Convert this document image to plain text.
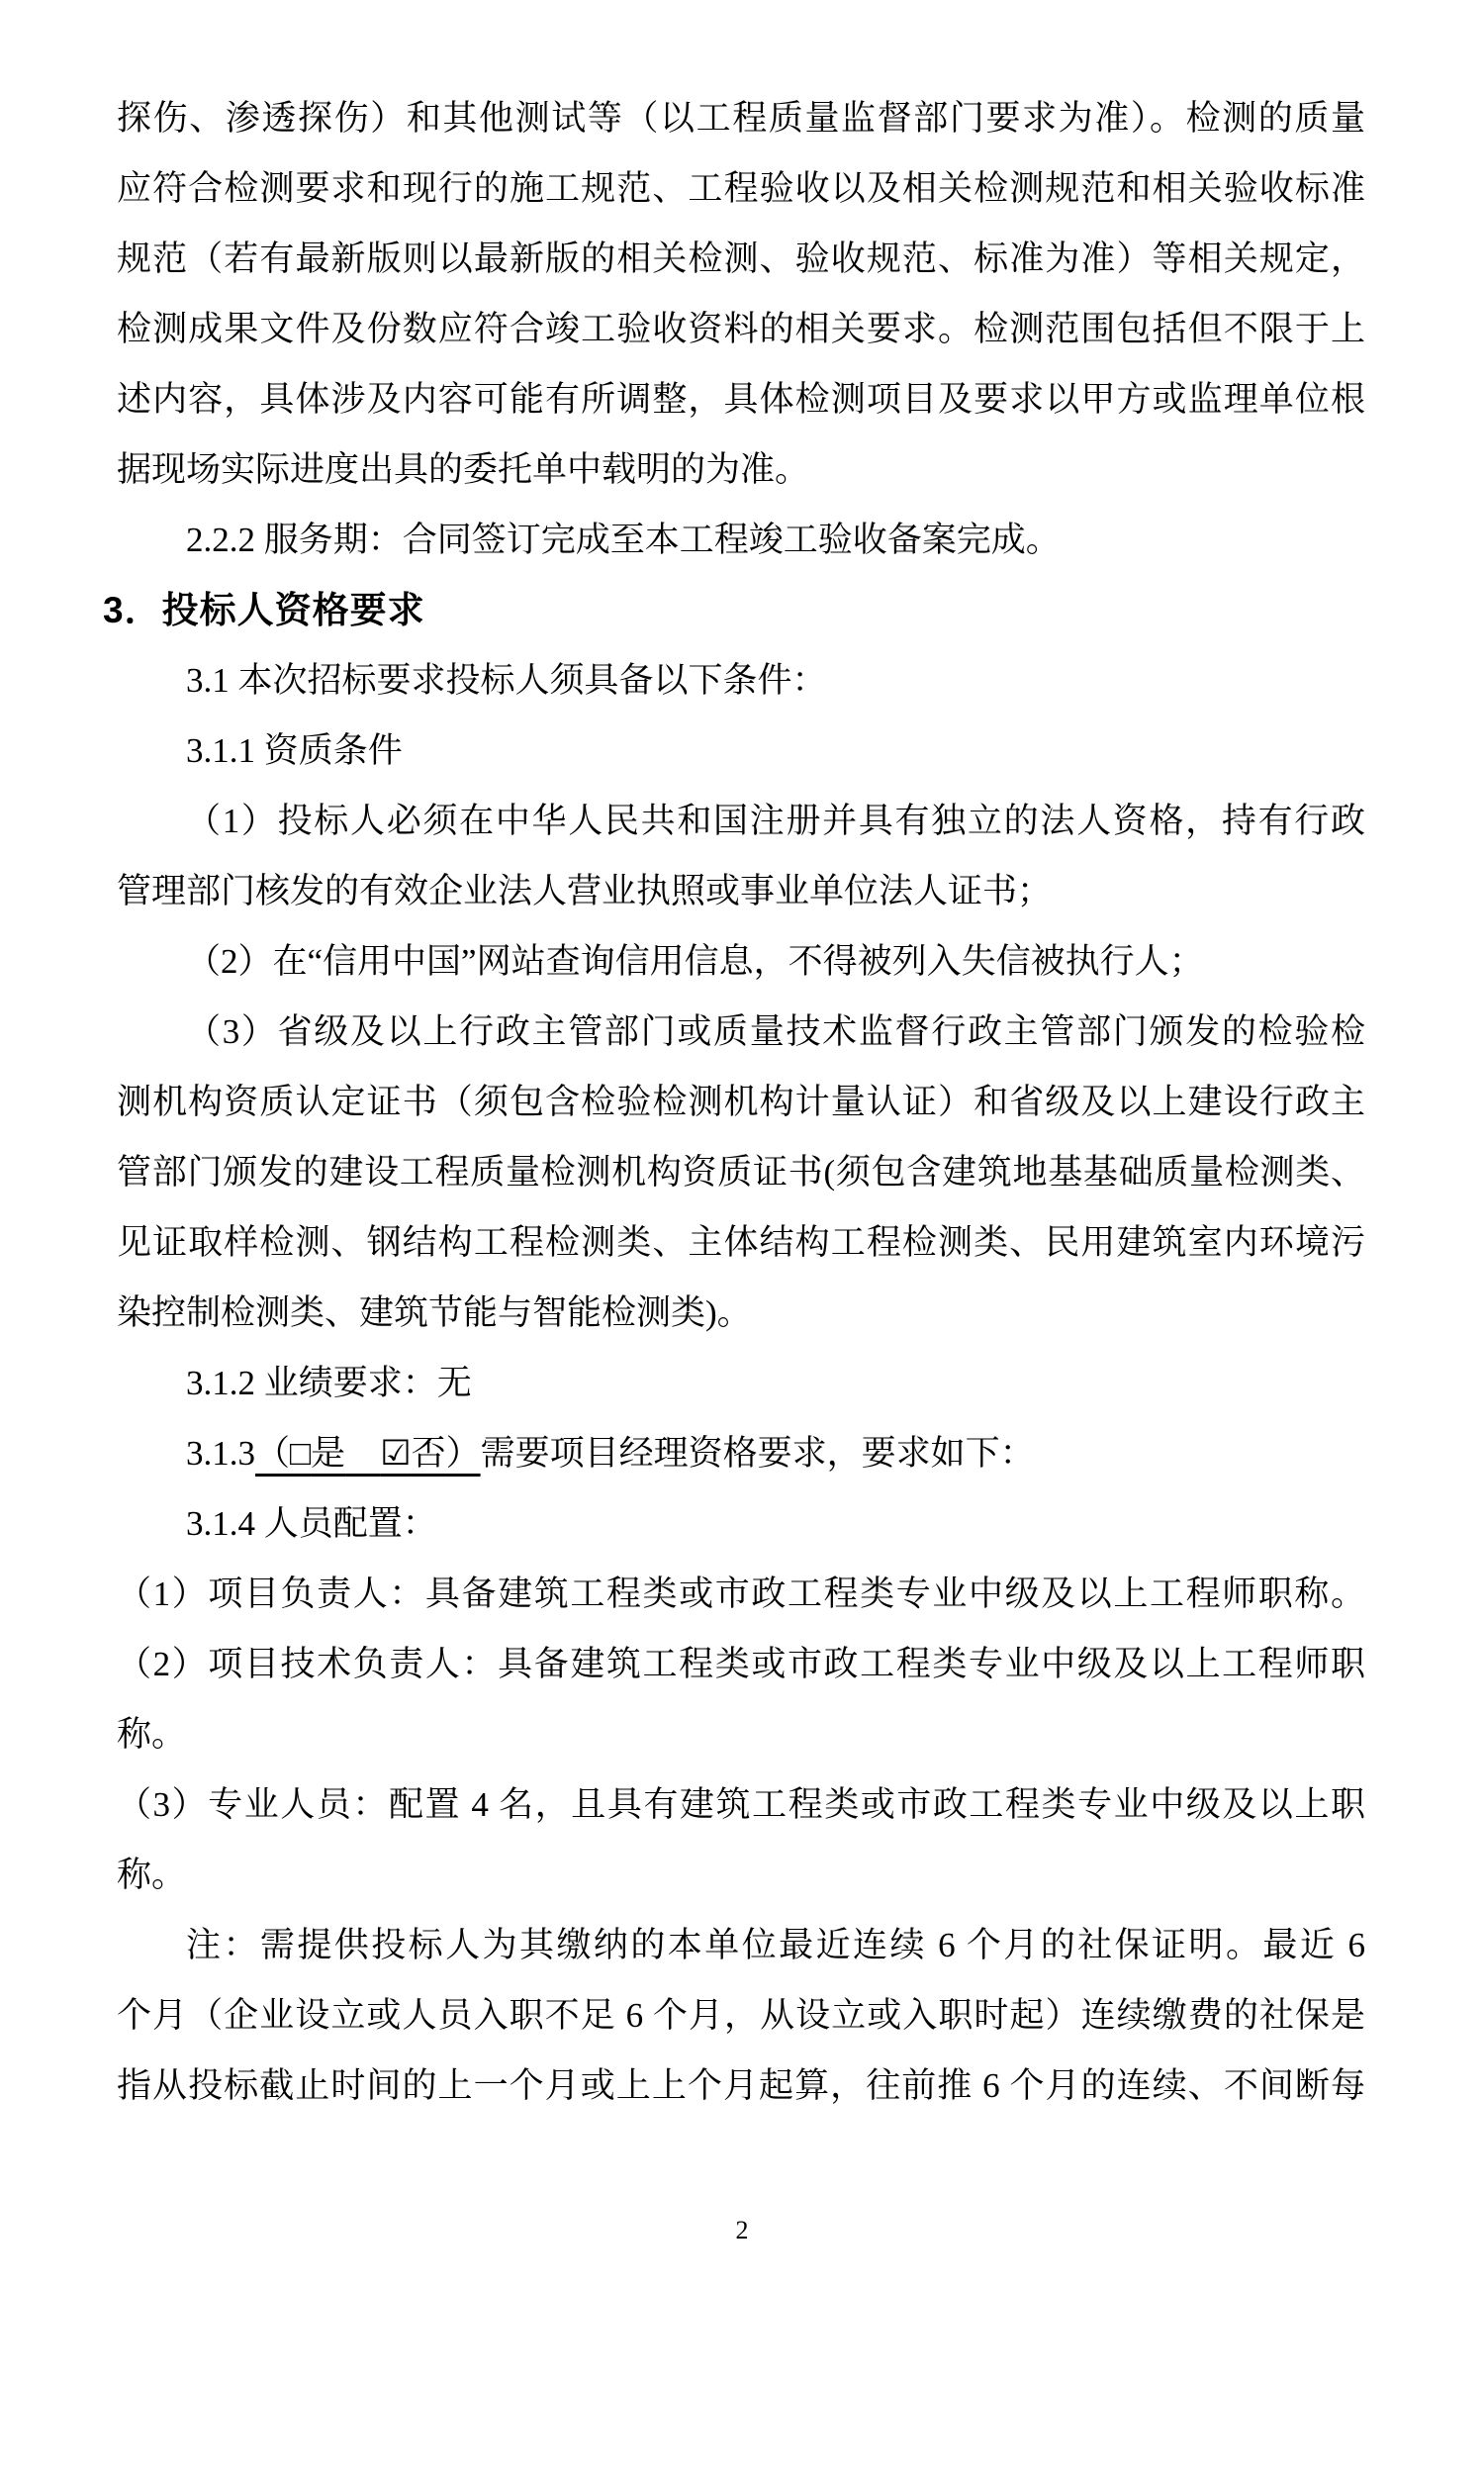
探伤、渗透探伤）和其他测试等（以工程质量监督部门要求为准）。检测的质量
应符合检测要求和现行的施工规范、工程验收以及相关检测规范和相关验收标准
规范（若有最新版则以最新版的相关检测、验收规范、标准为准）等相关规定，
检测成果文件及份数应符合竣工验收资料的相关要求。检测范围包括但不限于上
述内容，具体涉及内容可能有所调整，具体检测项目及要求以甲方或监理单位根
据现场实际进度出具的委托单中载明的为准。
2.2.2 服务期：合同签订完成至本工程竣工验收备案完成。
3．投标人资格要求
3.1 本次招标要求投标人须具备以下条件：
3.1.1 资质条件
（1）投标人必须在中华人民共和国注册并具有独立的法人资格，持有行政
管理部门核发的有效企业法人营业执照或事业单位法人证书；
（2）在“信用中国”网站查询信用信息，不得被列入失信被执行人；
（3）省级及以上行政主管部门或质量技术监督行政主管部门颁发的检验检
测机构资质认定证书（须包含检验检测机构计量认证）和省级及以上建设行政主
管部门颁发的建设工程质量检测机构资质证书(须包含建筑地基基础质量检测类、
见证取样检测、钢结构工程检测类、主体结构工程检测类、民用建筑室内环境污
染控制检测类、建筑节能与智能检测类)。
3.1.2 业绩要求：无
3.1.3（□是　 ☑否）需要项目经理资格要求，要求如下：
3.1.4 人员配置：
（1）项目负责人：具备建筑工程类或市政工程类专业中级及以上工程师职称。
（2）项目技术负责人：具备建筑工程类或市政工程类专业中级及以上工程师职
称。
（3）专业人员：配置 4 名，且具有建筑工程类或市政工程类专业中级及以上职
称。
注：需提供投标人为其缴纳的本单位最近连续 6 个月的社保证明。最近 6
个月（企业设立或人员入职不足 6 个月，从设立或入职时起）连续缴费的社保是
指从投标截止时间的上一个月或上上个月起算，往前推 6 个月的连续、不间断每
2
